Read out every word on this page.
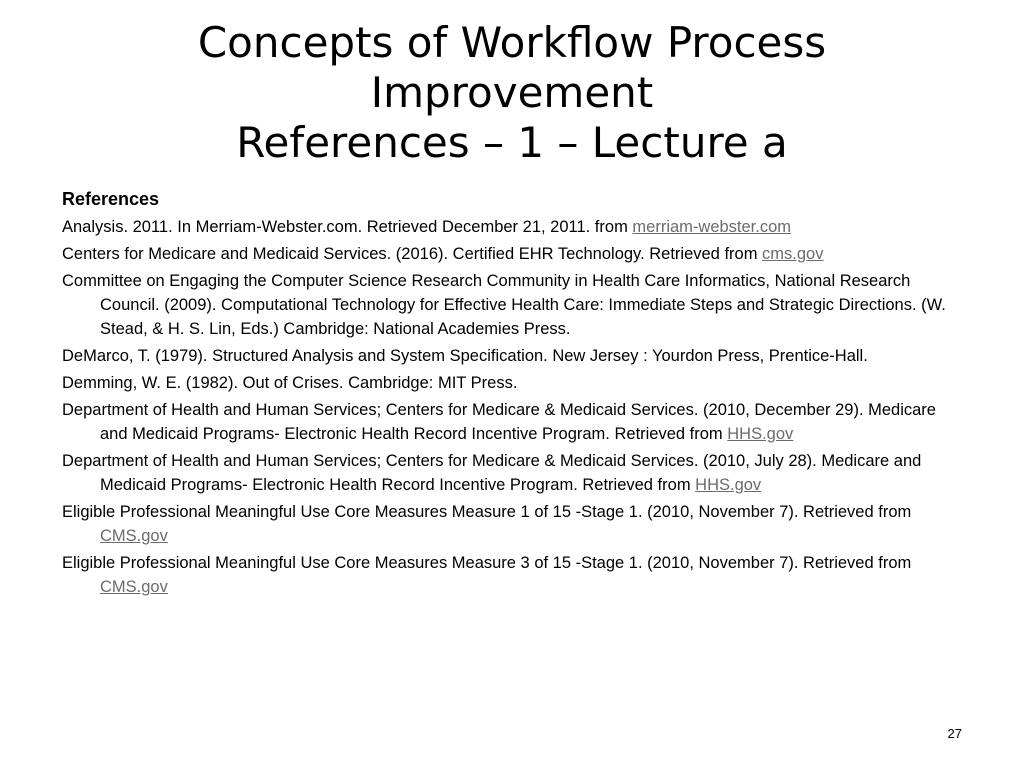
Concepts of Workflow Process
Improvement
References – 1 – Lecture a
References
Analysis. 2011. In Merriam-Webster.com. Retrieved December 21, 2011. from merriam-webster.com
Centers for Medicare and Medicaid Services. (2016). Certified EHR Technology. Retrieved from cms.gov
Committee on Engaging the Computer Science Research Community in Health Care Informatics, National Research Council. (2009). Computational Technology for Effective Health Care: Immediate Steps and Strategic Directions. (W. Stead, & H. S. Lin, Eds.) Cambridge: National Academies Press.
DeMarco, T. (1979). Structured Analysis and System Specification. New Jersey : Yourdon Press, Prentice-Hall.
Demming, W. E. (1982). Out of Crises. Cambridge: MIT Press.
Department of Health and Human Services; Centers for Medicare & Medicaid Services. (2010, December 29). Medicare and Medicaid Programs- Electronic Health Record Incentive Program. Retrieved from HHS.gov
Department of Health and Human Services; Centers for Medicare & Medicaid Services. (2010, July 28). Medicare and Medicaid Programs- Electronic Health Record Incentive Program. Retrieved from HHS.gov
Eligible Professional Meaningful Use Core Measures Measure 1 of 15 -Stage 1. (2010, November 7). Retrieved from CMS.gov
Eligible Professional Meaningful Use Core Measures Measure 3 of 15 -Stage 1. (2010, November 7). Retrieved from CMS.gov
27
